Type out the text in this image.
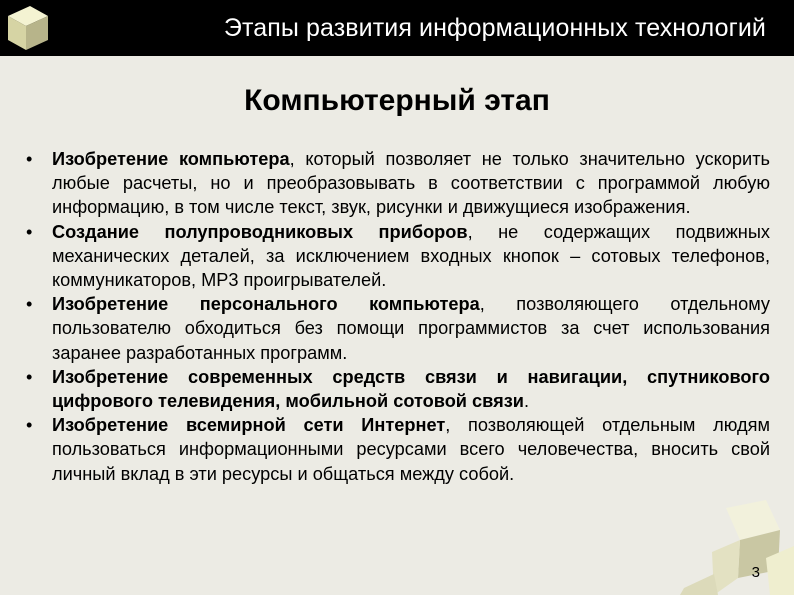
Этапы развития информационных технологий
Компьютерный этап
• Изобретение компьютера, который позволяет не только значительно ускорить любые расчеты, но и преобразовывать в соответствии с программой любую информацию, в том числе текст, звук, рисунки и движущиеся изображения.
• Создание полупроводниковых приборов, не содержащих подвижных механических деталей, за исключением входных кнопок – сотовых телефонов, коммуникаторов, МР3 проигрывателей.
• Изобретение персонального компьютера, позволяющего отдельному пользователю обходиться без помощи программистов за счет использования заранее разработанных программ.
• Изобретение современных средств связи и навигации, спутникового цифрового телевидения, мобильной сотовой связи.
• Изобретение всемирной сети Интернет, позволяющей отдельным людям пользоваться информационными ресурсами всего человечества, вносить свой личный вклад в эти ресурсы и общаться между собой.
3
